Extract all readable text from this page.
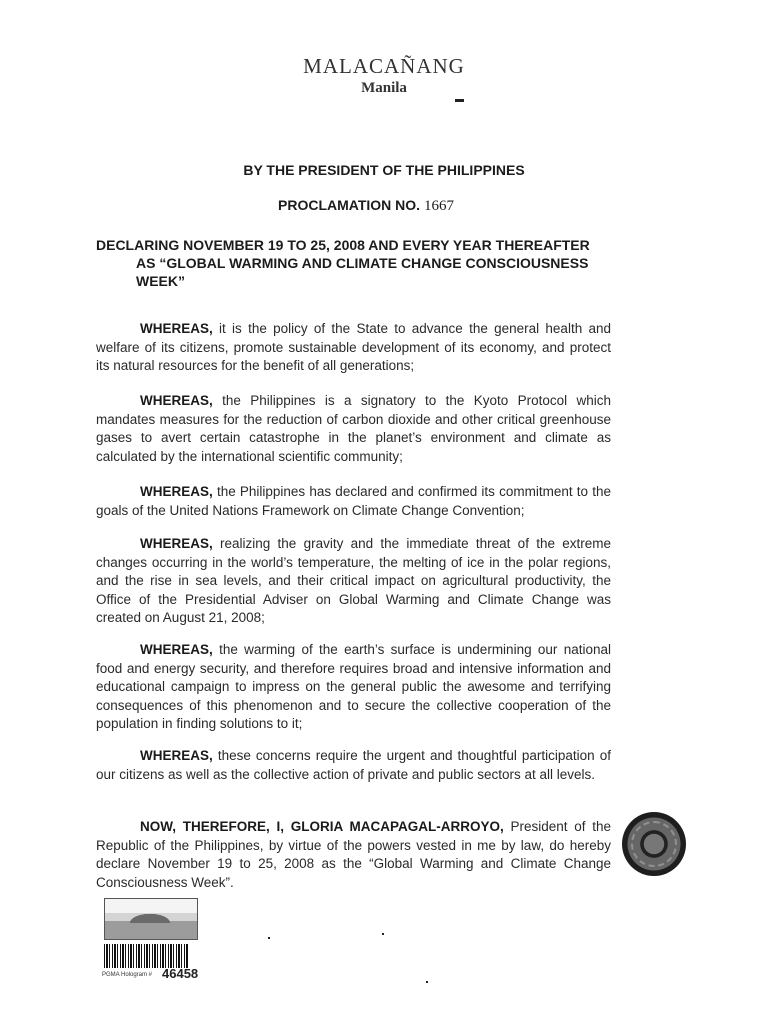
MALACAÑANG
Manila
BY THE PRESIDENT OF THE PHILIPPINES
PROCLAMATION NO. 1667
DECLARING NOVEMBER 19 TO 25, 2008 AND EVERY YEAR THEREAFTER
AS “GLOBAL WARMING AND CLIMATE CHANGE CONSCIOUSNESS WEEK”
WHEREAS, it is the policy of the State to advance the general health and welfare of its citizens, promote sustainable development of its economy, and protect its natural resources for the benefit of all generations;
WHEREAS, the Philippines is a signatory to the Kyoto Protocol which mandates measures for the reduction of carbon dioxide and other critical greenhouse gases to avert certain catastrophe in the planet’s environment and climate as calculated by the international scientific community;
WHEREAS, the Philippines has declared and confirmed its commitment to the goals of the United Nations Framework on Climate Change Convention;
WHEREAS, realizing the gravity and the immediate threat of the extreme changes occurring in the world’s temperature, the melting of ice in the polar regions, and the rise in sea levels, and their critical impact on agricultural productivity, the Office of the Presidential Adviser on Global Warming and Climate Change was created on August 21, 2008;
WHEREAS, the warming of the earth’s surface is undermining our national food and energy security, and therefore requires broad and intensive information and educational campaign to impress on the general public the awesome and terrifying consequences of this phenomenon and to secure the collective cooperation of the population in finding solutions to it;
WHEREAS, these concerns require the urgent and thoughtful participation of our citizens as well as the collective action of private and public sectors at all levels.
NOW, THEREFORE, I, GLORIA MACAPAGAL-ARROYO, President of the Republic of the Philippines, by virtue of the powers vested in me by law, do hereby declare November 19 to 25, 2008 as the “Global Warming and Climate Change Consciousness Week”.
PGMA Hologram # 46458
